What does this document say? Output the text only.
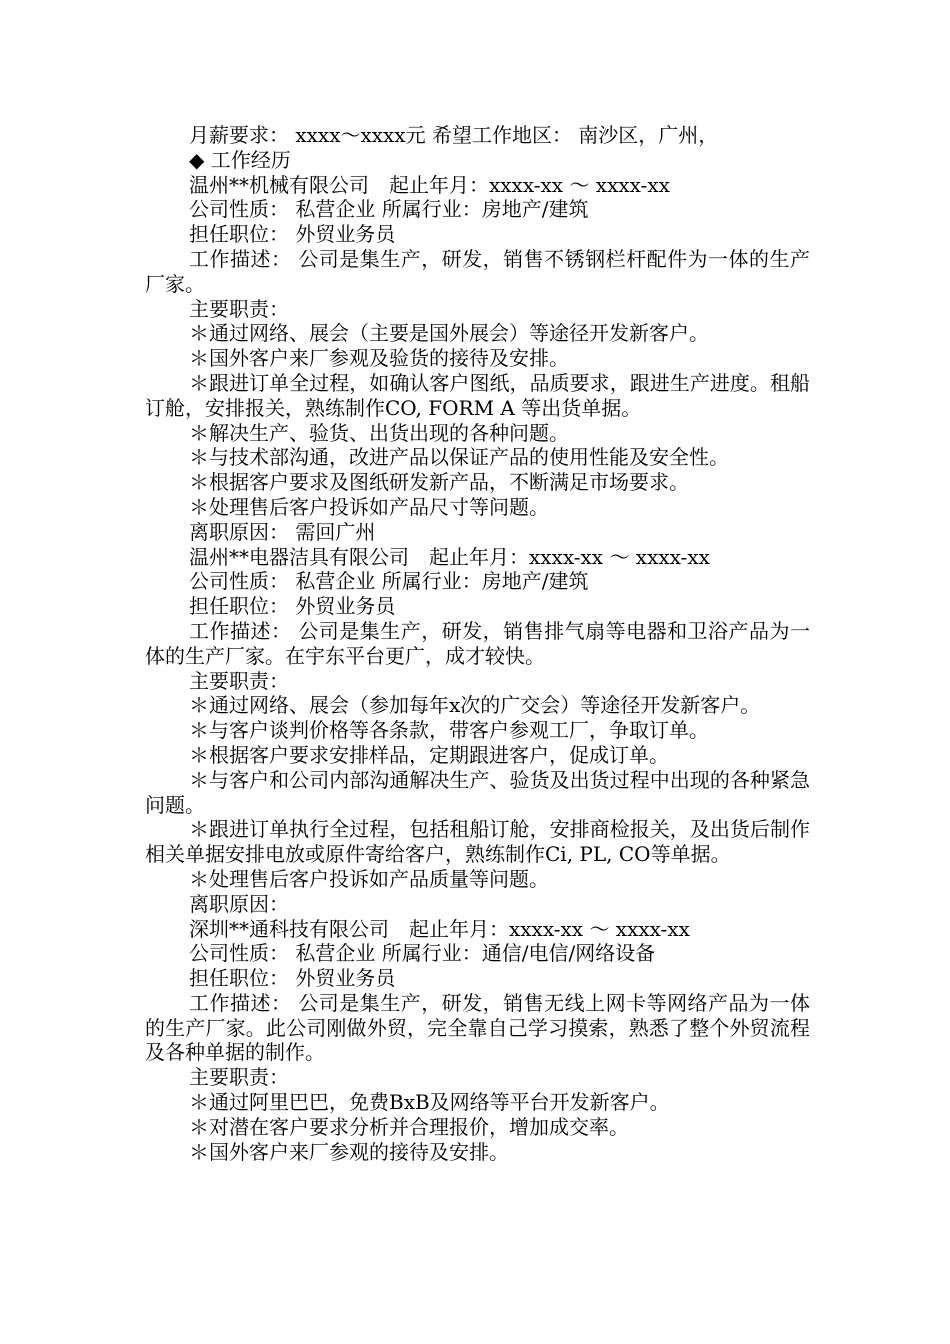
月薪要求： xxxx～xxxx元 希望工作地区： 南沙区，广州，

◆ 工作经历

温州**机械有限公司　起止年月：xxxx-xx ～ xxxx-xx

公司性质： 私营企业 所属行业：房地产/建筑

担任职位： 外贸业务员

工作描述： 公司是集生产，研发，销售不锈钢栏杆配件为一体的生产厂家。

主要职责：

＊通过网络、展会（主要是国外展会）等途径开发新客户。

＊国外客户来厂参观及验货的接待及安排。

＊跟进订单全过程，如确认客户图纸，品质要求，跟进生产进度。租船订舱，安排报关，熟练制作CO, FORM A 等出货单据。

＊解决生产、验货、出货出现的各种问题。

＊与技术部沟通，改进产品以保证产品的使用性能及安全性。

＊根据客户要求及图纸研发新产品，不断满足市场要求。

＊处理售后客户投诉如产品尺寸等问题。

离职原因： 需回广州

温州**电器洁具有限公司　起止年月：xxxx-xx ～ xxxx-xx

公司性质： 私营企业 所属行业：房地产/建筑

担任职位： 外贸业务员

工作描述： 公司是集生产，研发，销售排气扇等电器和卫浴产品为一体的生产厂家。在宇东平台更广，成才较快。

主要职责：

＊通过网络、展会（参加每年x次的广交会）等途径开发新客户。

＊与客户谈判价格等各条款，带客户参观工厂，争取订单。

＊根据客户要求安排样品，定期跟进客户，促成订单。

＊与客户和公司内部沟通解决生产、验货及出货过程中出现的各种紧急问题。

＊跟进订单执行全过程，包括租船订舱，安排商检报关，及出货后制作相关单据安排电放或原件寄给客户，熟练制作Ci, PL, CO等单据。

＊处理售后客户投诉如产品质量等问题。

离职原因：

深圳**通科技有限公司　起止年月：xxxx-xx ～ xxxx-xx

公司性质： 私营企业 所属行业：通信/电信/网络设备

担任职位： 外贸业务员

工作描述： 公司是集生产，研发，销售无线上网卡等网络产品为一体的生产厂家。此公司刚做外贸，完全靠自己学习摸索，熟悉了整个外贸流程及各种单据的制作。

主要职责：

＊通过阿里巴巴，免费BxB及网络等平台开发新客户。

＊对潜在客户要求分析并合理报价，增加成交率。

＊国外客户来厂参观的接待及安排。
